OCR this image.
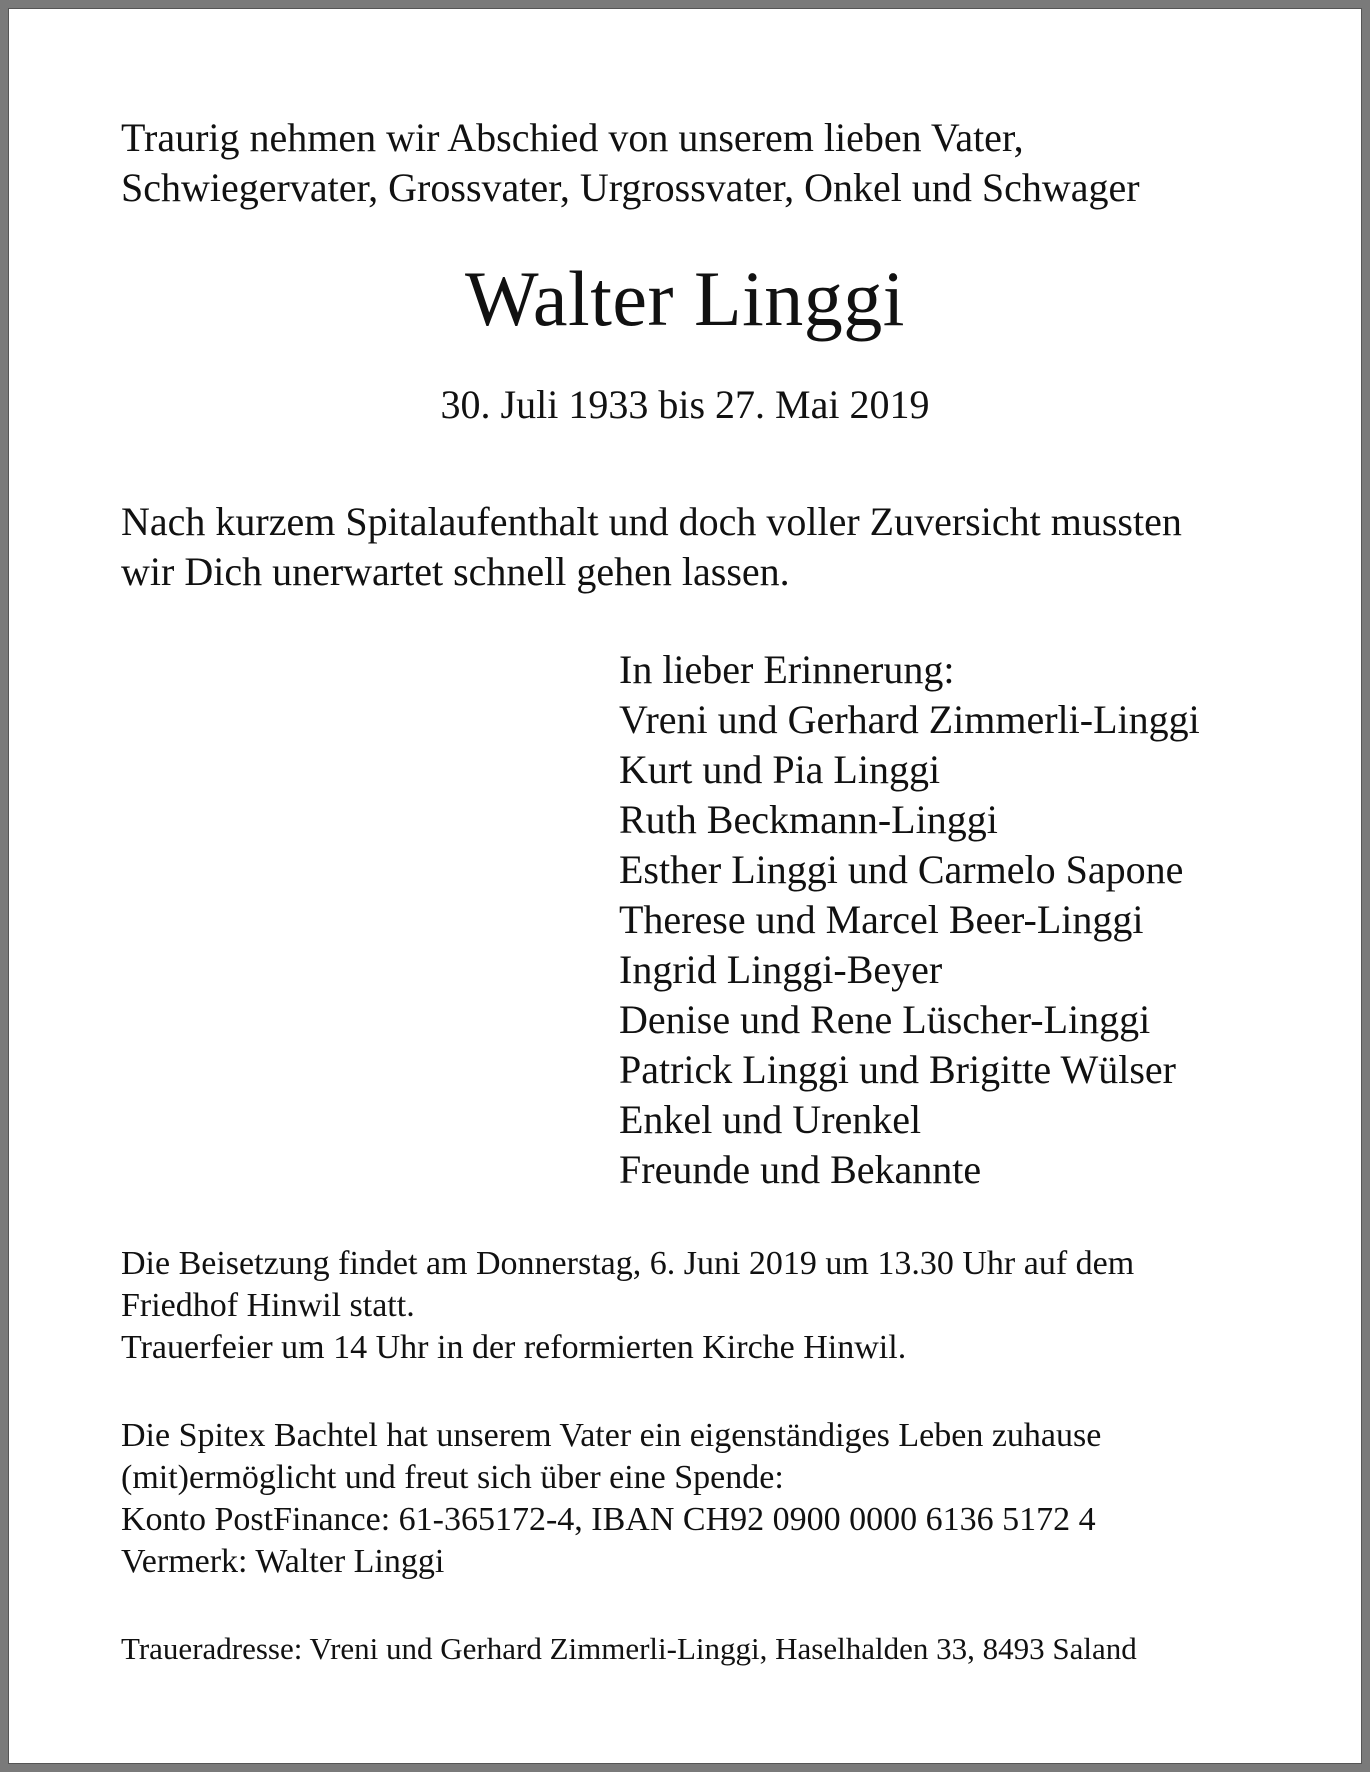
Traurig nehmen wir Abschied von unserem lieben Vater,
Schwiegervater, Grossvater, Urgrossvater, Onkel und Schwager
Walter Linggi
30. Juli 1933 bis 27. Mai 2019
Nach kurzem Spitalaufenthalt und doch voller Zuversicht mussten
wir Dich unerwartet schnell gehen lassen.
In lieber Erinnerung:
Vreni und Gerhard Zimmerli-Linggi
Kurt und Pia Linggi
Ruth Beckmann-Linggi
Esther Linggi und Carmelo Sapone
Therese und Marcel Beer-Linggi
Ingrid Linggi-Beyer
Denise und Rene Lüscher-Linggi
Patrick Linggi und Brigitte Wülser
Enkel und Urenkel
Freunde und Bekannte
Die Beisetzung findet am Donnerstag, 6. Juni 2019 um 13.30 Uhr auf dem
Friedhof Hinwil statt.
Trauerfeier um 14 Uhr in der reformierten Kirche Hinwil.
Die Spitex Bachtel hat unserem Vater ein eigenständiges Leben zuhause
(mit)ermöglicht und freut sich über eine Spende:
Konto PostFinance: 61-365172-4, IBAN CH92 0900 0000 6136 5172 4
Vermerk: Walter Linggi
Traueradresse: Vreni und Gerhard Zimmerli-Linggi, Haselhalden 33, 8493 Saland
